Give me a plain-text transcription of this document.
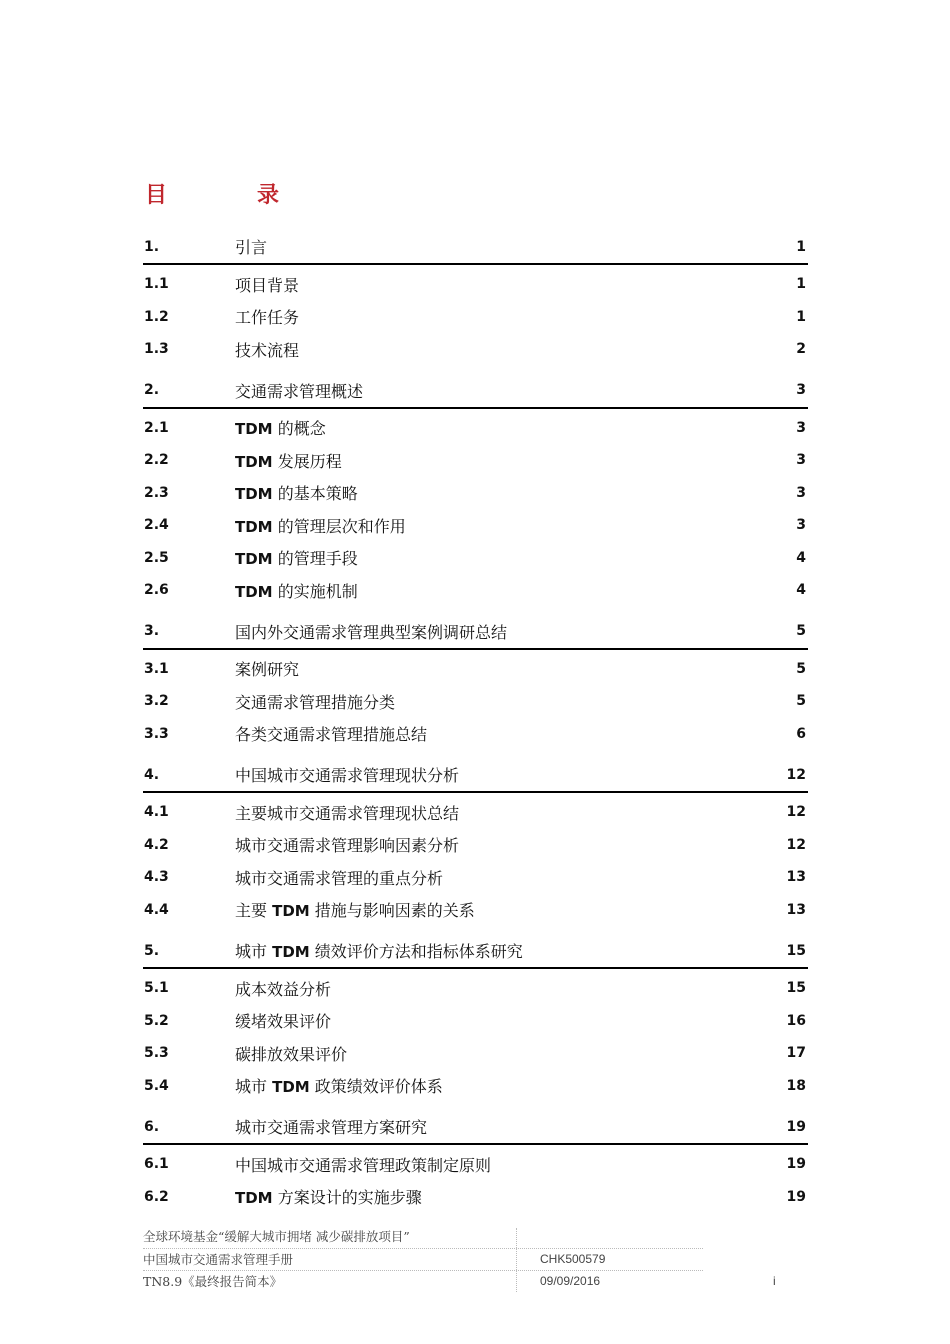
目	录
1.	引言	1
1.1	项目背景	1
1.2	工作任务	1
1.3	技术流程	2
2.	交通需求管理概述	3
2.1	TDM 的概念	3
2.2	TDM 发展历程	3
2.3	TDM 的基本策略	3
2.4	TDM 的管理层次和作用	3
2.5	TDM 的管理手段	4
2.6	TDM 的实施机制	4
3.	国内外交通需求管理典型案例调研总结	5
3.1	案例研究	5
3.2	交通需求管理措施分类	5
3.3	各类交通需求管理措施总结	6
4.	中国城市交通需求管理现状分析	12
4.1	主要城市交通需求管理现状总结	12
4.2	城市交通需求管理影响因素分析	12
4.3	城市交通需求管理的重点分析	13
4.4	主要 TDM 措施与影响因素的关系	13
5.	城市 TDM 绩效评价方法和指标体系研究	15
5.1	成本效益分析	15
5.2	缓堵效果评价	16
5.3	碳排放效果评价	17
5.4	城市 TDM 政策绩效评价体系	18
6.	城市交通需求管理方案研究	19
6.1	中国城市交通需求管理政策制定原则	19
6.2	TDM 方案设计的实施步骤	19
全球环境基金“缓解大城市拥堵 减少碳排放项目”
中国城市交通需求管理手册
TN8.9《最终报告简本》
CHK500579
09/09/2016	i
